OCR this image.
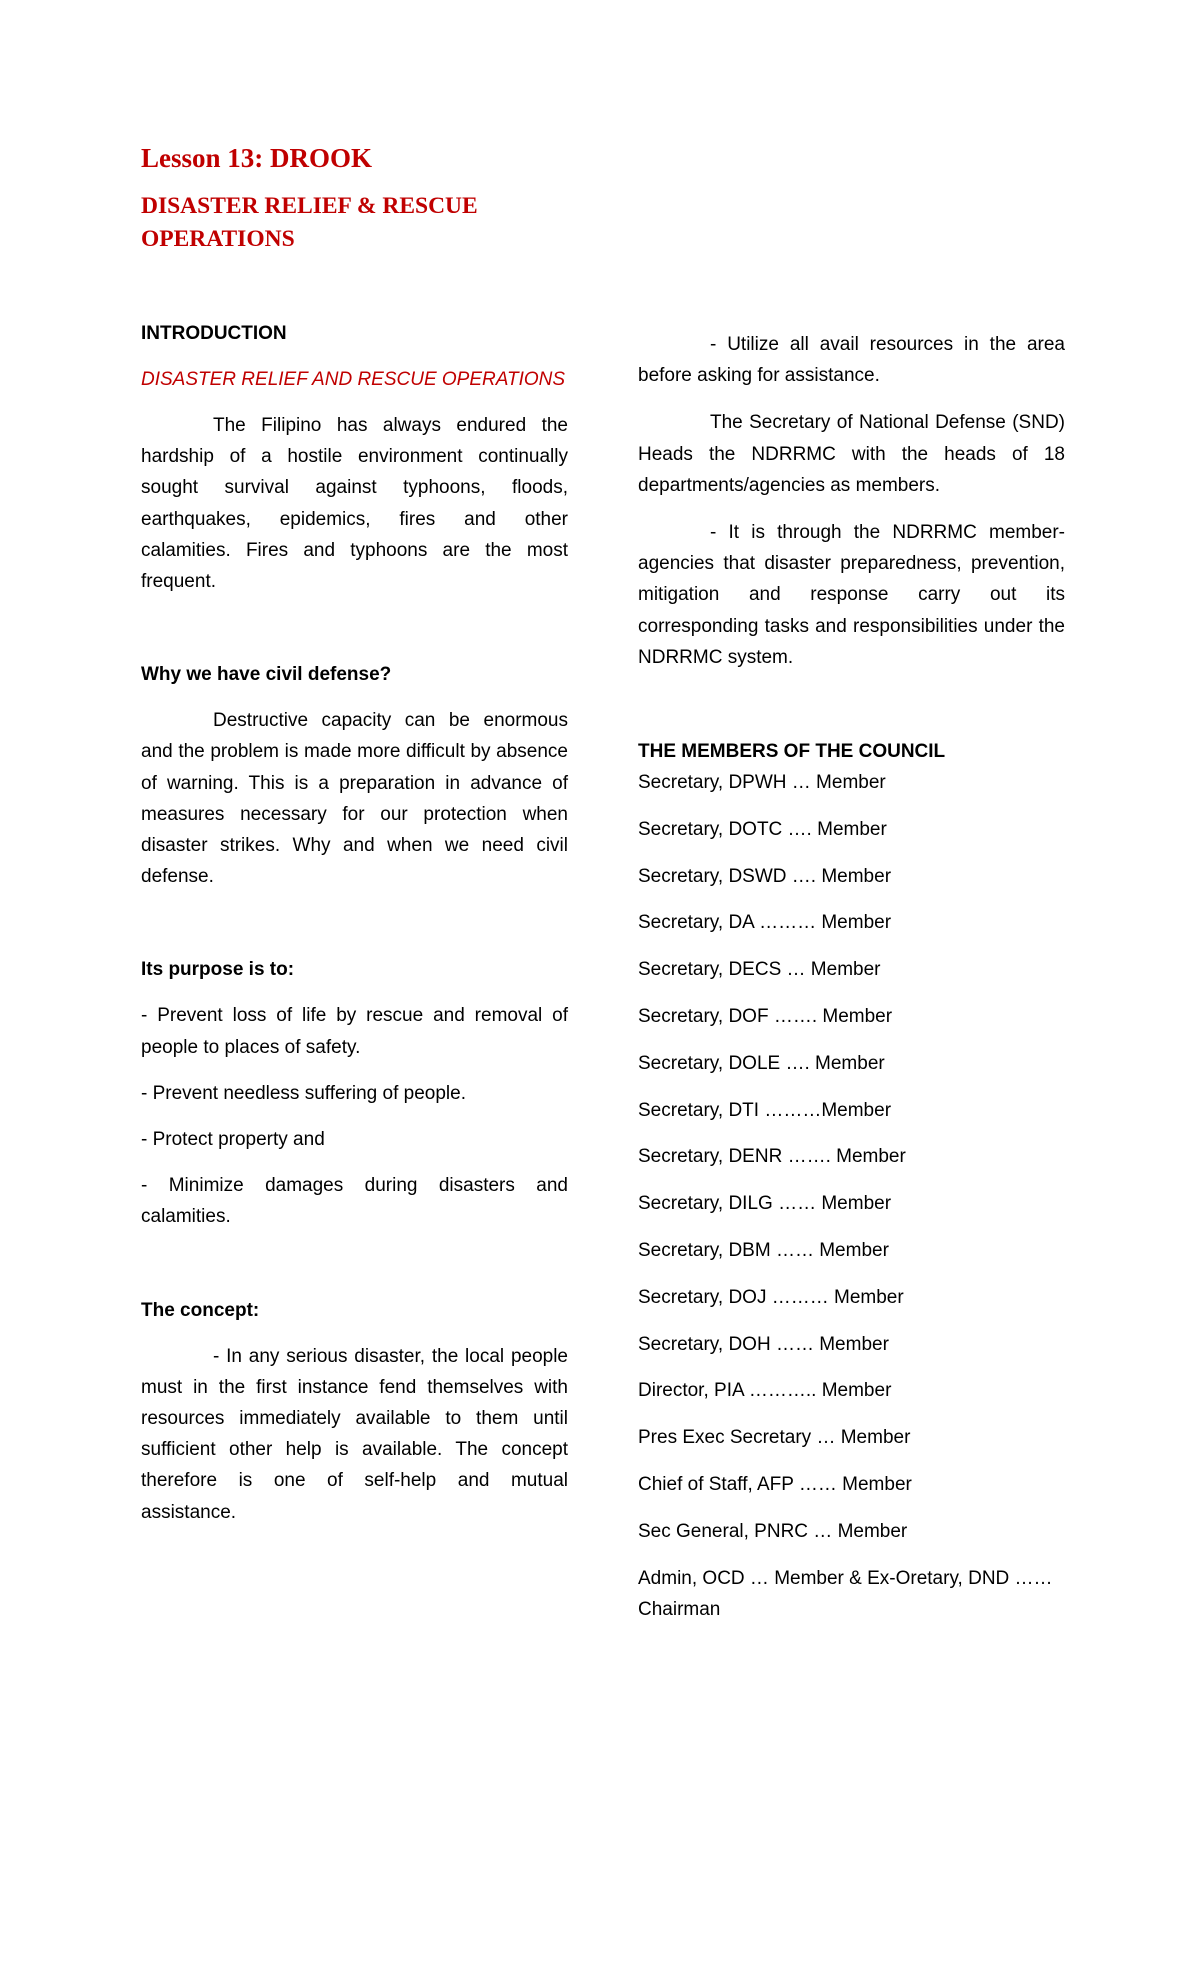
Lesson 13: DROOK
DISASTER RELIEF & RESCUE OPERATIONS
INTRODUCTION
DISASTER RELIEF AND RESCUE OPERATIONS

The Filipino has always endured the hardship of a hostile environment continually sought survival against typhoons, floods, earthquakes, epidemics, fires and other calamities. Fires and typhoons are the most frequent.

Why we have civil defense?

Destructive capacity can be enormous and the problem is made more difficult by absence of warning. This is a preparation in advance of measures necessary for our protection when disaster strikes. Why and when we need civil defense.

Its purpose is to:

- Prevent loss of life by rescue and removal of people to places of safety.

- Prevent needless suffering of people.

- Protect property and

- Minimize damages during disasters and calamities.

The concept:

- In any serious disaster, the local people must in the first instance fend themselves with resources immediately available to them until sufficient other help is available. The concept therefore is one of self-help and mutual assistance.

- Utilize all avail resources in the area before asking for assistance.

The Secretary of National Defense (SND) Heads the NDRRMC with the heads of 18 departments/agencies as members.

- It is through the NDRRMC member-agencies that disaster preparedness, prevention, mitigation and response carry out its corresponding tasks and responsibilities under the NDRRMC system.

THE MEMBERS OF THE COUNCIL
Secretary, DPWH … Member
Secretary, DOTC …. Member
Secretary, DSWD …. Member
Secretary, DA ……… Member
Secretary, DECS … Member
Secretary, DOF ……. Member
Secretary, DOLE …. Member
Secretary, DTI ………Member
Secretary, DENR ……. Member
Secretary, DILG …… Member
Secretary, DBM …… Member
Secretary, DOJ ……… Member
Secretary, DOH …… Member
Director, PIA ……….. Member
Pres Exec Secretary … Member
Chief of Staff, AFP …… Member
Sec General, PNRC … Member
Admin, OCD … Member & Ex-Oretary, DND …… Chairman
